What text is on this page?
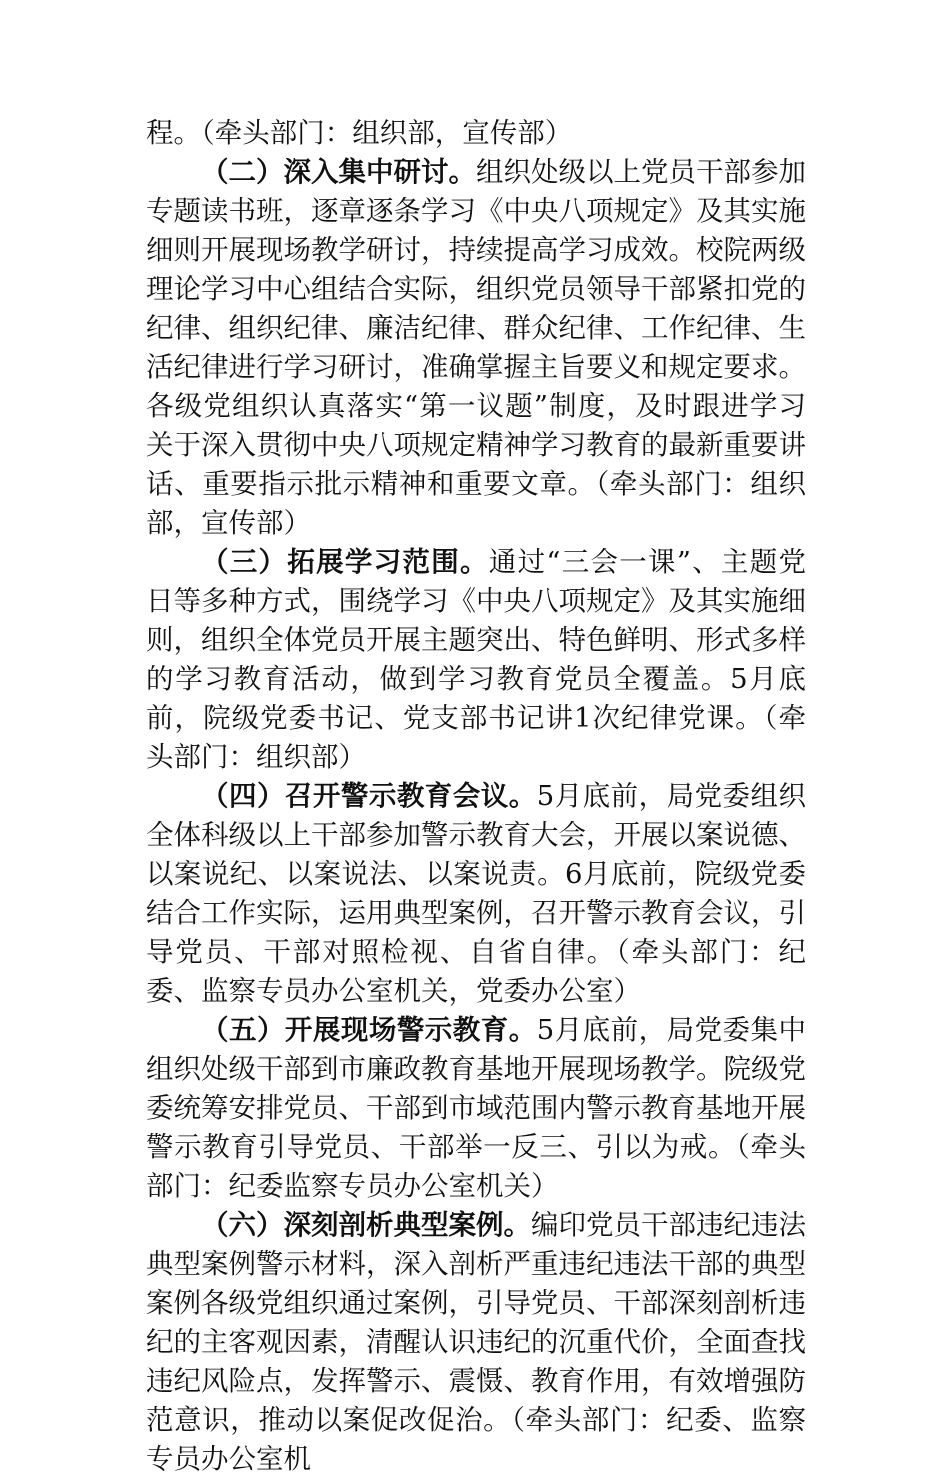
程。（牵头部门：组织部，宣传部）

（二）深入集中研讨。组织处级以上党员干部参加专题读书班，逐章逐条学习《中央八项规定》及其实施细则开展现场教学研讨，持续提高学习成效。校院两级理论学习中心组结合实际，组织党员领导干部紧扣党的纪律、组织纪律、廉洁纪律、群众纪律、工作纪律、生活纪律进行学习研讨，准确掌握主旨要义和规定要求。各级党组织认真落实“第一议题”制度，及时跟进学习关于深入贯彻中央八项规定精神学习教育的最新重要讲话、重要指示批示精神和重要文章。（牵头部门：组织部，宣传部）

（三）拓展学习范围。通过“三会一课”、主题党日等多种方式，围绕学习《中央八项规定》及其实施细则，组织全体党员开展主题突出、特色鲜明、形式多样的学习教育活动，做到学习教育党员全覆盖。5月底前，院级党委书记、党支部书记讲1次纪律党课。（牵头部门：组织部）

（四）召开警示教育会议。5月底前，局党委组织全体科级以上干部参加警示教育大会，开展以案说德、以案说纪、以案说法、以案说责。6月底前，院级党委结合工作实际，运用典型案例，召开警示教育会议，引导党员、干部对照检视、自省自律。（牵头部门：纪委、监察专员办公室机关，党委办公室）

（五）开展现场警示教育。5月底前，局党委集中组织处级干部到市廉政教育基地开展现场教学。院级党委统筹安排党员、干部到市域范围内警示教育基地开展警示教育引导党员、干部举一反三、引以为戒。（牵头部门：纪委监察专员办公室机关）

（六）深刻剖析典型案例。编印党员干部违纪违法典型案例警示材料，深入剖析严重违纪违法干部的典型案例各级党组织通过案例，引导党员、干部深刻剖析违纪的主客观因素，清醒认识违纪的沉重代价，全面查找违纪风险点，发挥警示、震慑、教育作用，有效增强防范意识，推动以案促改促治。（牵头部门：纪委、监察专员办公室机
